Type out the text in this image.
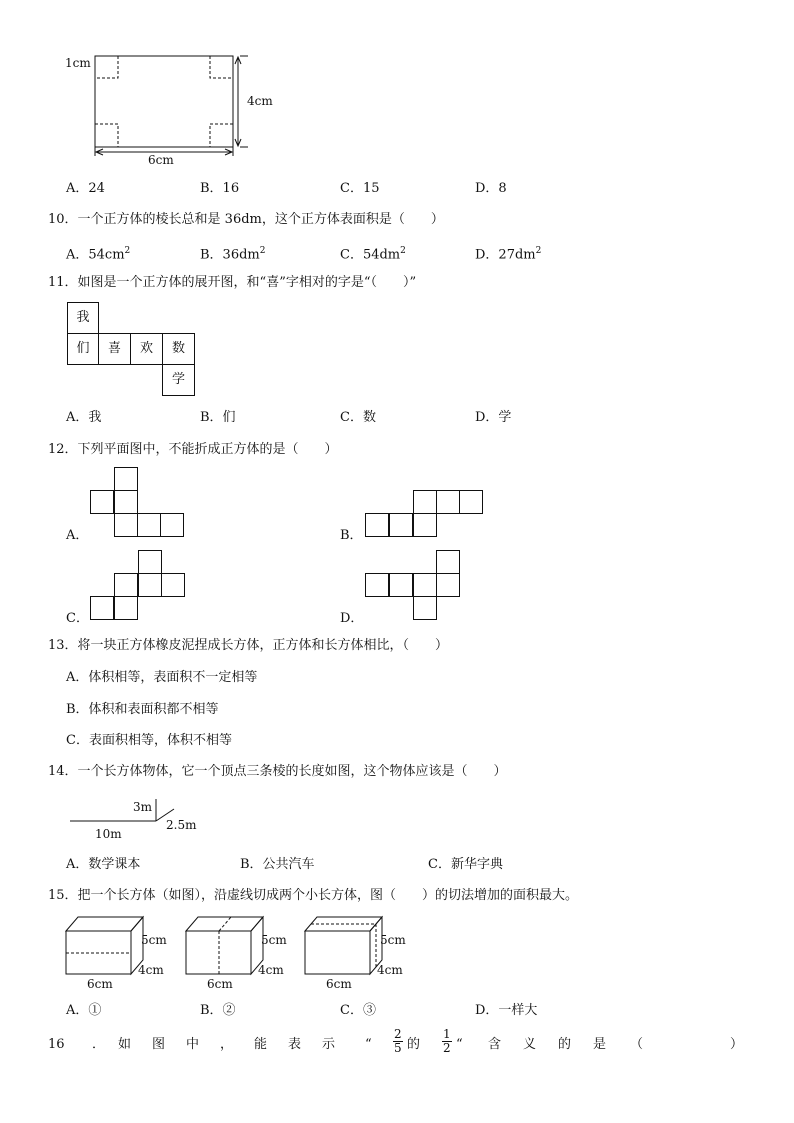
1cm
4cm
6cm
A．24	B．16	C．15	D．8
10．一个正方体的棱长总和是 36dm，这个正方体表面积是（　　）
A．$54cm^2$	B．$36dm^2$	C．$54dm^2$	D．$27dm^2$
11．如图是一个正方体的展开图，和“喜”字相对的字是“（　　）”
我
们	喜	欢	数
学
A．我	B．们	C．数	D．学
12．下列平面图中，不能折成正方体的是（　　）
A．	B．
C．	D．
13．将一块正方体橡皮泥捏成长方体，正方体和长方体相比，（　　）
A．体积相等，表面积不一定相等
B．体积和表面积都不相等
C．表面积相等，体积不相等
14．一个长方体物体，它一个顶点三条棱的长度如图，这个物体应该是（　　）
3m
10m
2.5m
A．数学课本	B．公共汽车	C．新华字典
15．把一个长方体（如图），沿虚线切成两个小长方体，图（　　）的切法增加的面积最大。
5cm
4cm
6cm
5cm
4cm
6cm
5cm
4cm
6cm
A．①	B．②	C．③	D．一样大
16 ． 如 图 中 ， 能 表 示 “ $\frac{2}{5}$ 的 $\frac{1}{2}$ “ 含 义 的 是 （	）
